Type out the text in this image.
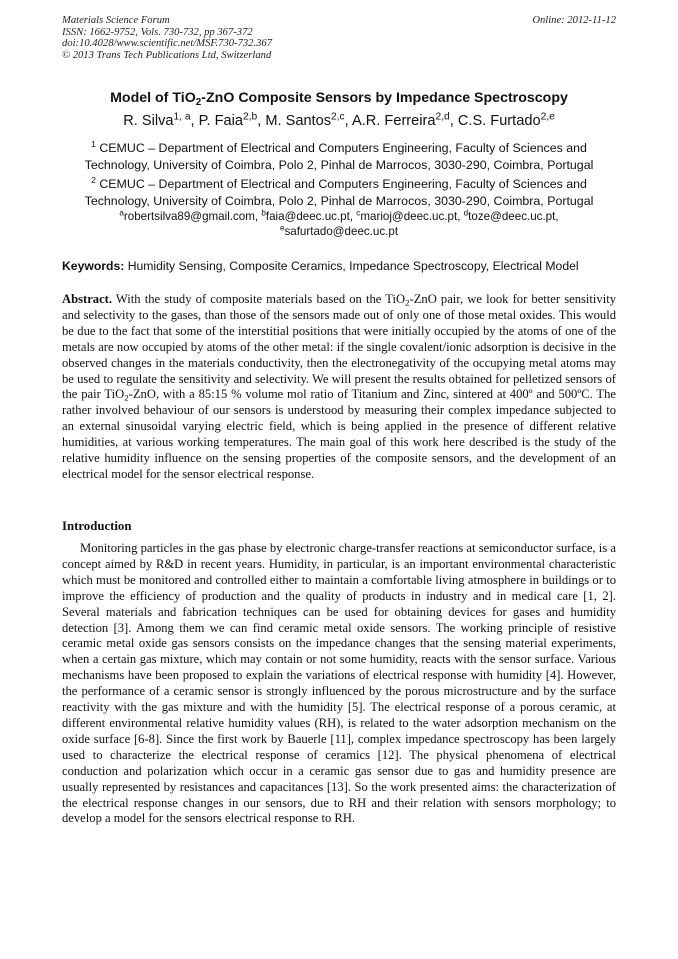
Materials Science Forum
ISSN: 1662-9752, Vols. 730-732, pp 367-372
doi:10.4028/www.scientific.net/MSF.730-732.367
© 2013 Trans Tech Publications Ltd, Switzerland
Online: 2012-11-12
Model of TiO$_2$-ZnO Composite Sensors by Impedance Spectroscopy
R. Silva$^{1, a}$, P. Faia$^{2,b}$, M. Santos$^{2,c}$, A.R. Ferreira$^{2,d}$, C.S. Furtado$^{2,e}$
$^1$ CEMUC – Department of Electrical and Computers Engineering, Faculty of Sciences and Technology, University of Coimbra, Polo 2, Pinhal de Marrocos, 3030-290, Coimbra, Portugal
$^2$ CEMUC – Department of Electrical and Computers Engineering, Faculty of Sciences and Technology, University of Coimbra, Polo 2, Pinhal de Marrocos, 3030-290, Coimbra, Portugal
$^a$robertsilva89@gmail.com, $^b$faia@deec.uc.pt, $^c$marioj@deec.uc.pt, $^d$toze@deec.uc.pt,
$^e$safurtado@deec.uc.pt
Keywords: Humidity Sensing, Composite Ceramics, Impedance Spectroscopy, Electrical Model
Abstract. With the study of composite materials based on the TiO$_2$-ZnO pair, we look for better sensitivity and selectivity to the gases, than those of the sensors made out of only one of those metal oxides. This would be due to the fact that some of the interstitial positions that were initially occupied by the atoms of one of the metals are now occupied by atoms of the other metal: if the single covalent/ionic adsorption is decisive in the observed changes in the materials conductivity, then the electronegativity of the occupying metal atoms may be used to regulate the sensitivity and selectivity. We will present the results obtained for pelletized sensors of the pair TiO$_2$-ZnO, with a 85:15 % volume mol ratio of Titanium and Zinc, sintered at 400º and 500ºC. The rather involved behaviour of our sensors is understood by measuring their complex impedance subjected to an external sinusoidal varying electric field, which is being applied in the presence of different relative humidities, at various working temperatures. The main goal of this work here described is the study of the relative humidity influence on the sensing properties of the composite sensors, and the development of an electrical model for the sensor electrical response.
Introduction
Monitoring particles in the gas phase by electronic charge-transfer reactions at semiconductor surface, is a concept aimed by R&D in recent years. Humidity, in particular, is an important environmental characteristic which must be monitored and controlled either to maintain a comfortable living atmosphere in buildings or to improve the efficiency of production and the quality of products in industry and in medical care [1, 2]. Several materials and fabrication techniques can be used for obtaining devices for gases and humidity detection [3]. Among them we can find ceramic metal oxide sensors. The working principle of resistive ceramic metal oxide gas sensors consists on the impedance changes that the sensing material experiments, when a certain gas mixture, which may contain or not some humidity, reacts with the sensor surface. Various mechanisms have been proposed to explain the variations of electrical response with humidity [4]. However, the performance of a ceramic sensor is strongly influenced by the porous microstructure and by the surface reactivity with the gas mixture and with the humidity [5]. The electrical response of a porous ceramic, at different environmental relative humidity values (RH), is related to the water adsorption mechanism on the oxide surface [6-8]. Since the first work by Bauerle [11], complex impedance spectroscopy has been largely used to characterize the electrical response of ceramics [12]. The physical phenomena of electrical conduction and polarization which occur in a ceramic gas sensor due to gas and humidity presence are usually represented by resistances and capacitances [13]. So the work presented aims: the characterization of the electrical response changes in our sensors, due to RH and their relation with sensors morphology; to develop a model for the sensors electrical response to RH.
